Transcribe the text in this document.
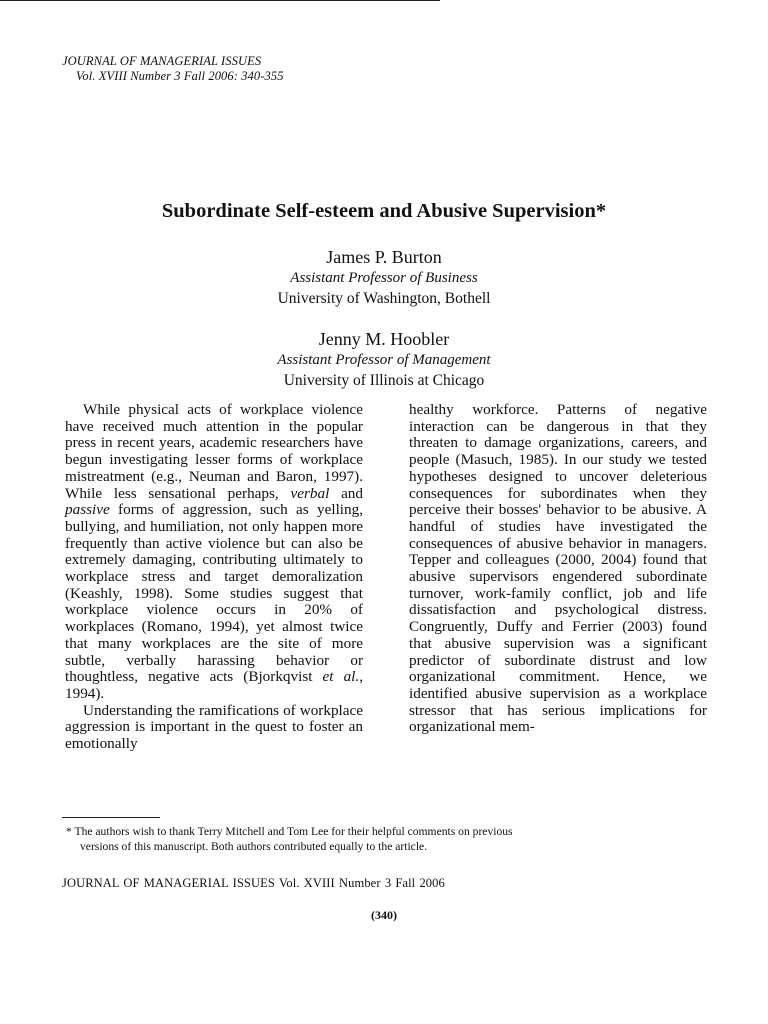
JOURNAL OF MANAGERIAL ISSUES
Vol. XVIII Number 3 Fall 2006: 340-355
Subordinate Self-esteem and Abusive Supervision*
James P. Burton
Assistant Professor of Business
University of Washington, Bothell
Jenny M. Hoobler
Assistant Professor of Management
University of Illinois at Chicago

While physical acts of workplace violence have received much attention in the popular press in recent years, academic researchers have begun investigating lesser forms of workplace mistreatment (e.g., Neuman and Baron, 1997). While less sensational perhaps, verbal and passive forms of aggression, such as yelling, bullying, and humiliation, not only happen more frequently than active violence but can also be extremely damaging, contributing ultimately to workplace stress and target demoralization (Keashly, 1998). Some studies suggest that workplace violence occurs in 20% of workplaces (Romano, 1994), yet almost twice that many workplaces are the site of more subtle, verbally harassing behavior or thoughtless, negative acts (Bjorkqvist et al., 1994).

Understanding the ramifications of workplace aggression is important in the quest to foster an emotionally

healthy workforce. Patterns of negative interaction can be dangerous in that they threaten to damage organizations, careers, and people (Masuch, 1985). In our study we tested hypotheses designed to uncover deleterious consequences for subordinates when they perceive their bosses' behavior to be abusive. A handful of studies have investigated the consequences of abusive behavior in managers. Tepper and colleagues (2000, 2004) found that abusive supervisors engendered subordinate turnover, work-family conflict, job and life dissatisfaction and psychological distress. Congruently, Duffy and Ferrier (2003) found that abusive supervision was a significant predictor of subordinate distrust and low organizational commitment. Hence, we identified abusive supervision as a workplace stressor that has serious implications for organizational mem-

* The authors wish to thank Terry Mitchell and Tom Lee for their helpful comments on previous
versions of this manuscript. Both authors contributed equally to the article.
JOURNAL OF MANAGERIAL ISSUES Vol. XVIII Number 3 Fall 2006
(340)
